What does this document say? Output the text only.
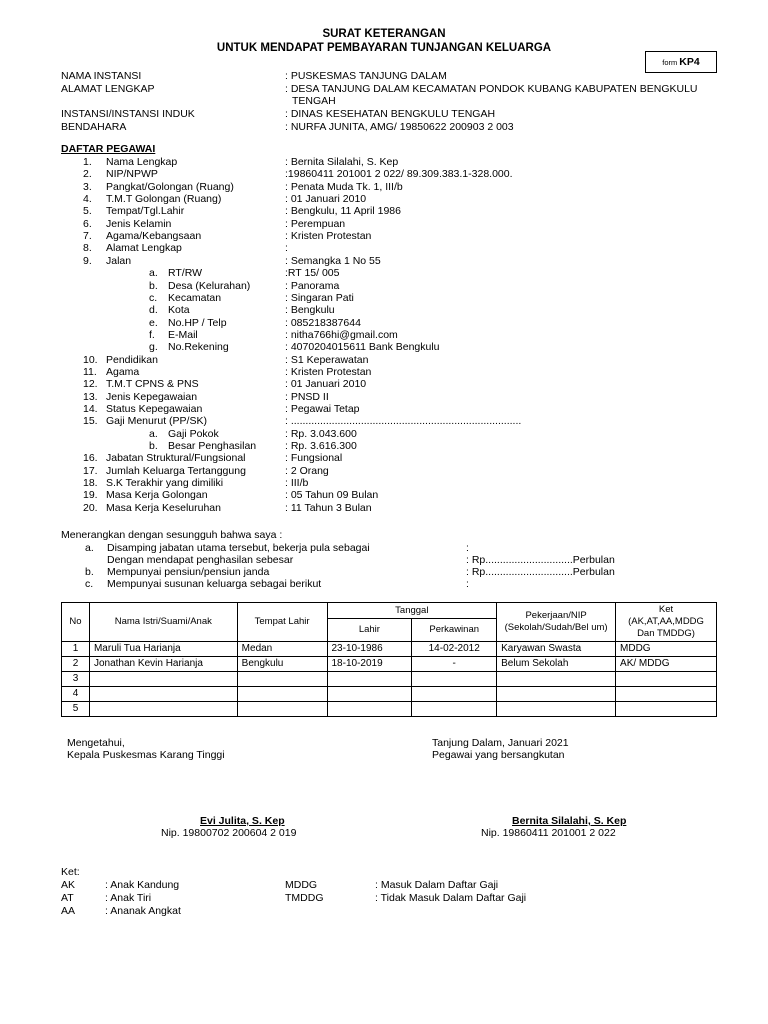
SURAT KETERANGAN
UNTUK MENDAPAT PEMBAYARAN TUNJANGAN KELUARGA
form KP4
NAMA INSTANSI	: PUSKESMAS TANJUNG DALAM
ALAMAT LENGKAP	: DESA TANJUNG DALAM KECAMATAN PONDOK KUBANG KABUPATEN BENGKULU
TENGAH
INSTANSI/INSTANSI INDUK	: DINAS KESEHATAN BENGKULU TENGAH
BENDAHARA	: NURFA JUNITA, AMG/ 19850622 200903 2 003
DAFTAR PEGAWAI
1. Nama Lengkap	: Bernita Silalahi, S. Kep
2. NIP/NPWP	:19860411 201001 2 022/ 89.309.383.1-328.000.
3. Pangkat/Golongan (Ruang)	: Penata Muda Tk. 1, III/b
4. T.M.T Golongan (Ruang)	: 01 Januari 2010
5. Tempat/Tgl.Lahir	: Bengkulu, 11 April 1986
6. Jenis Kelamin	: Perempuan
7. Agama/Kebangsaan	: Kristen Protestan
8. Alamat Lengkap	:
9. Jalan	: Semangka 1 No 55
a. RT/RW	:RT 15/ 005
b. Desa (Kelurahan)	: Panorama
c. Kecamatan	: Singaran Pati
d. Kota	: Bengkulu
e. No.HP / Telp	: 085218387644
f. E-Mail	: nitha766hi@gmail.com
g. No.Rekening	: 4070204015611 Bank Bengkulu
10. Pendidikan	: S1 Keperawatan
11. Agama	: Kristen Protestan
12. T.M.T CPNS & PNS	: 01 Januari 2010
13. Jenis Kepegawaian	: PNSD II
14. Status Kepegawaian	: Pegawai Tetap
15. Gaji Menurut (PP/SK)	: ...............................................................................
a. Gaji Pokok	: Rp. 3.043.600
b. Besar Penghasilan	: Rp. 3.616.300
16. Jabatan Struktural/Fungsional	: Fungsional
17. Jumlah Keluarga Tertanggung	: 2 Orang
18. S.K Terakhir yang dimiliki	: III/b
19. Masa Kerja Golongan	: 05 Tahun 09 Bulan
20. Masa Kerja Keseluruhan	: 11 Tahun 3 Bulan
Menerangkan dengan sesungguh bahwa saya :
a. Disamping jabatan utama tersebut, bekerja pula sebagai	:
Dengan mendapat penghasilan sebesar	: Rp..............................Perbulan
b. Mempunyai pensiun/pensiun janda	: Rp..............................Perbulan
c. Mempunyai susunan keluarga sebagai berikut	:
No	Nama Istri/Suami/Anak	Tempat Lahir	Tanggal		Pekerjaan/NIP (Sekolah/Sudah/Bel um)	Ket (AK,AT,AA,MDDG Dan TMDDG)
			Lahir	Perkawinan		
1	Maruli Tua Harianja	Medan	23-10-1986	14-02-2012	Karyawan Swasta	MDDG
2	Jonathan Kevin Harianja	Bengkulu	18-10-2019	-	Belum Sekolah	AK/ MDDG
3						
4						
5						
Mengetahui,
Kepala Puskesmas Karang Tinggi
Tanjung Dalam, Januari 2021
Pegawai yang bersangkutan
Evi Julita, S. Kep
Nip. 19800702 200604 2 019
Bernita Silalahi, S. Kep
Nip. 19860411 201001 2 022
Ket:
AK	: Anak Kandung
AT	: Anak Tiri
AA	: Ananak Angkat
MDDG	: Masuk Dalam Daftar Gaji
TMDDG	: Tidak Masuk Dalam Daftar Gaji
